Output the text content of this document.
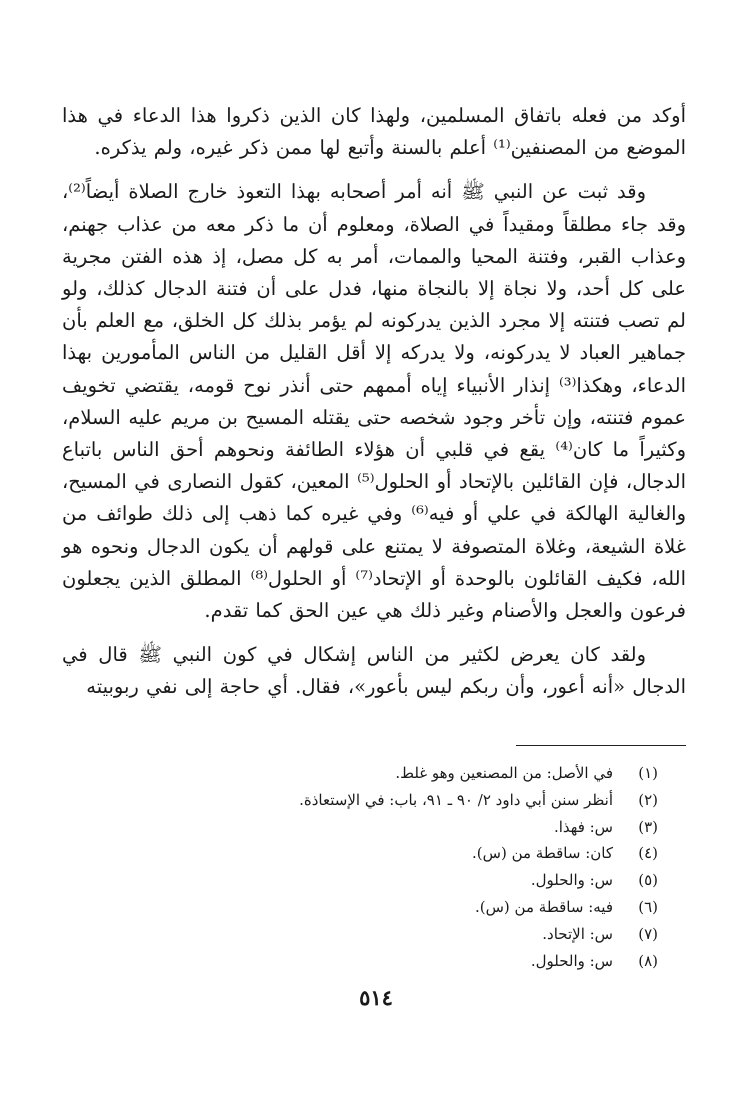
أوكد من فعله باتفاق المسلمين، ولهذا كان الذين ذكروا هذا الدعاء في هذا الموضع من المصنفين⁽¹⁾ أعلم بالسنة وأتبع لها ممن ذكر غيره، ولم يذكره.

وقد ثبت عن النبي ﷺ أنه أمر أصحابه بهذا التعوذ خارج الصلاة أيضاً⁽²⁾، وقد جاء مطلقاً ومقيداً في الصلاة، ومعلوم أن ما ذكر معه من عذاب جهنم، وعذاب القبر، وفتنة المحيا والممات، أمر به كل مصل، إذ هذه الفتن مجرية على كل أحد، ولا نجاة إلا بالنجاة منها، فدل على أن فتنة الدجال كذلك، ولو لم تصب فتنته إلا مجرد الذين يدركونه لم يؤمر بذلك كل الخلق، مع العلم بأن جماهير العباد لا يدركونه، ولا يدركه إلا أقل القليل من الناس المأمورين بهذا الدعاء، وهكذا⁽³⁾ إنذار الأنبياء إياه أممهم حتى أنذر نوح قومه، يقتضي تخويف عموم فتنته، وإن تأخر وجود شخصه حتى يقتله المسيح بن مريم عليه السلام، وكثيراً ما كان⁽⁴⁾ يقع في قلبي أن هؤلاء الطائفة ونحوهم أحق الناس باتباع الدجال، فإن القائلين بالإتحاد أو الحلول⁽⁵⁾ المعين، كقول النصارى في المسيح، والغالية الهالكة في علي أو فيه⁽⁶⁾ وفي غيره كما ذهب إلى ذلك طوائف من غلاة الشيعة، وغلاة المتصوفة لا يمتنع على قولهم أن يكون الدجال ونحوه هو الله، فكيف القائلون بالوحدة أو الإتحاد⁽⁷⁾ أو الحلول⁽⁸⁾ المطلق الذين يجعلون فرعون والعجل والأصنام وغير ذلك هي عين الحق كما تقدم.

ولقد كان يعرض لكثير من الناس إشكال في كون النبي ﷺ قال في الدجال «أنه أعور، وأن ربكم ليس بأعور»، فقال. أي حاجة إلى نفي ربوبيته

(١)
في الأصل: من المصنعين وهو غلط.
(٢)
أنظر سنن أبي داود ٢/ ٩٠ ـ ٩١، باب: في الإستعاذة.
(٣)
س: فهذا.
(٤)
كان: ساقطة من (س).
(٥)
س: والحلول.
(٦)
فيه: ساقطة من (س).
(٧)
س: الإتحاد.
(٨)
س: والحلول.
٥١٤
